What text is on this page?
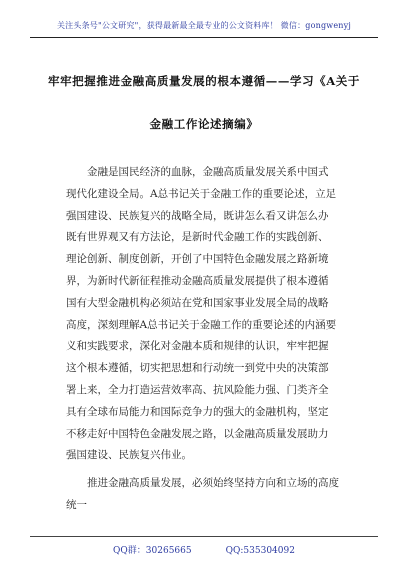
关注头条号"公文研究"，获得最新最全最专业的公文资料库！ 微信：gongwenyj
牢牢把握推进金融高质量发展的根本遵循——学习《A关于
金融工作论述摘编》
金融是国民经济的血脉，金融高质量发展关系中国式
现代化建设全局。A总书记关于金融工作的重要论述，立足
强国建设、民族复兴的战略全局，既讲怎么看又讲怎么办
既有世界观又有方法论，是新时代金融工作的实践创新、
理论创新、制度创新，开创了中国特色金融发展之路新境
界，为新时代新征程推动金融高质量发展提供了根本遵循
国有大型金融机构必须站在党和国家事业发展全局的战略
高度，深刻理解A总书记关于金融工作的重要论述的内涵要
义和实践要求，深化对金融本质和规律的认识，牢牢把握
这个根本遵循，切实把思想和行动统一到党中央的决策部
署上来，全力打造运营效率高、抗风险能力强、门类齐全
具有全球布局能力和国际竞争力的强大的金融机构，坚定
不移走好中国特色金融发展之路，以金融高质量发展助力
强国建设、民族复兴伟业。
推进金融高质量发展，必须始终坚持方向和立场的高度
统一
QQ群：30265665	QQ:535304092
